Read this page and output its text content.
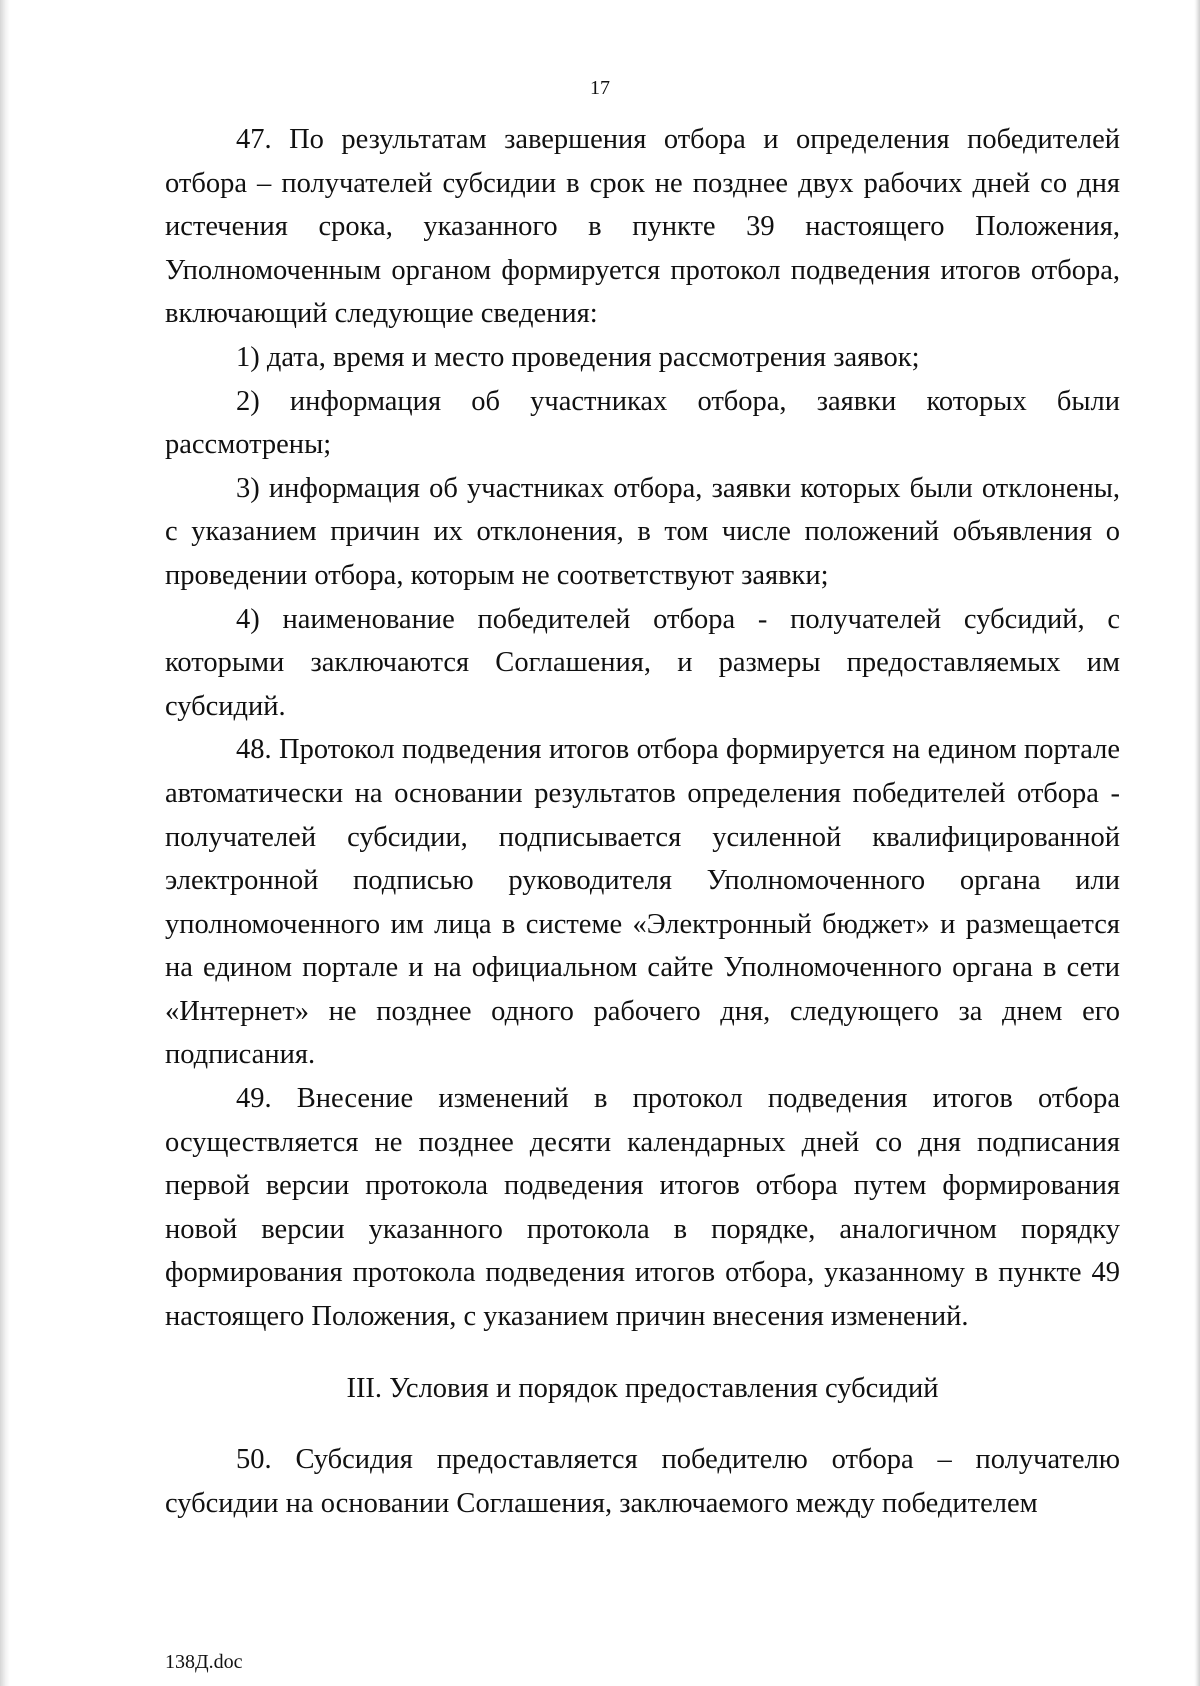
17

47. По результатам завершения отбора и определения победителей отбора – получателей субсидии в срок не позднее двух рабочих дней со дня истечения срока, указанного в пункте 39 настоящего Положения, Уполномоченным органом формируется протокол подведения итогов отбора, включающий следующие сведения:

1) дата, время и место проведения рассмотрения заявок;

2) информация об участниках отбора, заявки которых были рассмотрены;

3) информация об участниках отбора, заявки которых были отклонены, с указанием причин их отклонения, в том числе положений объявления о проведении отбора, которым не соответствуют заявки;

4) наименование победителей отбора - получателей субсидий, с которыми заключаются Соглашения, и размеры предоставляемых им субсидий.

48. Протокол подведения итогов отбора формируется на едином портале автоматически на основании результатов определения победителей отбора - получателей субсидии, подписывается усиленной квалифицированной электронной подписью руководителя Уполномоченного органа или уполномоченного им лица в системе «Электронный бюджет» и размещается на едином портале и на официальном сайте Уполномоченного органа в сети «Интернет» не позднее одного рабочего дня, следующего за днем его подписания.

49. Внесение изменений в протокол подведения итогов отбора осуществляется не позднее десяти календарных дней со дня подписания первой версии протокола подведения итогов отбора путем формирования новой версии указанного протокола в порядке, аналогичном порядку формирования протокола подведения итогов отбора, указанному в пункте 49 настоящего Положения, с указанием причин внесения изменений.

III. Условия и порядок предоставления субсидий

50. Субсидия предоставляется победителю отбора – получателю субсидии на основании Соглашения, заключаемого между победителем

138Д.doc
